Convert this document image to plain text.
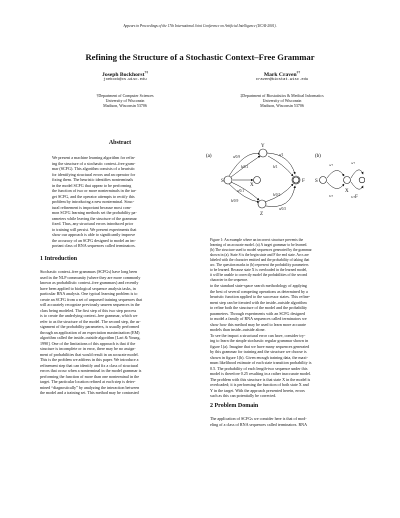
Appears in Proceedings of the 17th International Joint Conference on Artificial Intelligence (IJCAI-2001).
Refining the Structure of a Stochastic Context–Free Grammar
Joseph Bockhorst†‡
joebock@cs.wisc.edu
†Department of Computer Sciences
University of Wisconsin
Madison, Wisconsin 53706
Mark Craven‡†
craven@biostat.wisc.edu
‡Department of Biostatistics & Medical Informatics
University of Wisconsin
Madison, Wisconsin 53706
Abstract
We present a machine learning algorithm for refin-
ing the structure of a stochastic context–free gram-
mar (SCFG). This algorithm consists of a heuristic
for identifying structural errors and an operator for
fixing them. The heuristic identifies nonterminals
in the model SCFG that appear to be performing
the function of two or more nonterminals in the tar-
get SCFG, and the operator attempts to rectify this
problem by introducing a new nonterminal. Struc-
tural refinement is important because most com-
mon SCFG learning methods set the probability pa-
rameters while leaving the structure of the grammar
fixed. Thus, any structural errors introduced prior
to training will persist. We present experiments that
show our approach is able to significantly improve
the accuracy of an SCFG designed to model an im-
portant class of RNA sequences called terminators.
1 Introduction
Stochastic context–free grammars (SCFGs) have long been
used in the NLP community (where they are more commonly
known as probabilistic context–free grammars) and recently
have been applied to biological sequence analysis tasks, in
particular RNA analysis. One typical learning problem is to
create an SCFG from a set of unparsed training sequences that
will accurately recognize previously unseen sequences in the
class being modeled. The first step of this two step process
is to create the underlying context–free grammar, which we
refer to as the structure of the model. The second step, the as-
signment of the probability parameters, is usually performed
through an application of an expectation maximization (EM)
algorithm called the inside–outside algorithm [Lari & Young,
1990]. One of the limitations of this approach is that if the
structure is incomplete or in error, there may be no assign-
ment of probabilities that would result in an accurate model.
This is the problem we address in this paper. We introduce a
refinement step that can identify and fix a class of structural
errors that occur when a nonterminal in the model grammar is
performing the function of more than one nonterminal in the
target. The particular location refined at each step is deter-
mined “diagnostically” by analyzing the interaction between
the model and a training set. This method may be contrasted
(a)
Y
S
X
F
Z
a/0.9
b/0.1
a/1
b/1
a/0.1
b/0.9
b/0.5
a/0.5
(b)
S
X
F
a/?
b/?
a/?
b/?
Figure 1: An example where an incorrect structure prevents the
learning of an accurate model. (a) A target grammar to be learned.
(b) The structure used to model sequences generated by the grammar
shown in (a). State S is the begin state and F the end state. Arcs are
labeled with the character emitted and the probability of taking that
arc. The question marks in (b) represent the probability parameters
to be learned. Because state X is overloaded in the learned model,
it will be unable to correctly model the probabilities of the second
character in the sequence.
to the standard state-space search methodology of applying
the best of several competing operations as determined by a
heuristic function applied to the successor states. This refine-
ment step can be iterated with the inside–outside algorithm
to refine both the structure of the model and the probability
parameters. Through experiments with an SCFG designed
to model a family of RNA sequences called terminators we
show how this method may be used to learn more accurate
models than inside–outside alone.
To see the impact a structural error can have, consider try-
ing to learn the simple stochastic regular grammar shown in
figure 1(a). Imagine that we have many sequences generated
by this grammar for training and the structure we choose is
shown in figure 1(b). Given enough training data, the maxi-
mum likelihood estimate of each state transition probability is
0.5. The probability of each length-two sequence under this
model is therefore 0.25 resulting in a rather inaccurate model.
The problem with this structure is that state X in the model is
overloaded; it is performing the function of both state X and
Y in the target. With the approach presented herein, errors
such as this can potentially be corrected.
2 Problem Domain
The application of SCFGs we consider here is that of mod-
eling of a class of RNA sequences called terminators. RNA
